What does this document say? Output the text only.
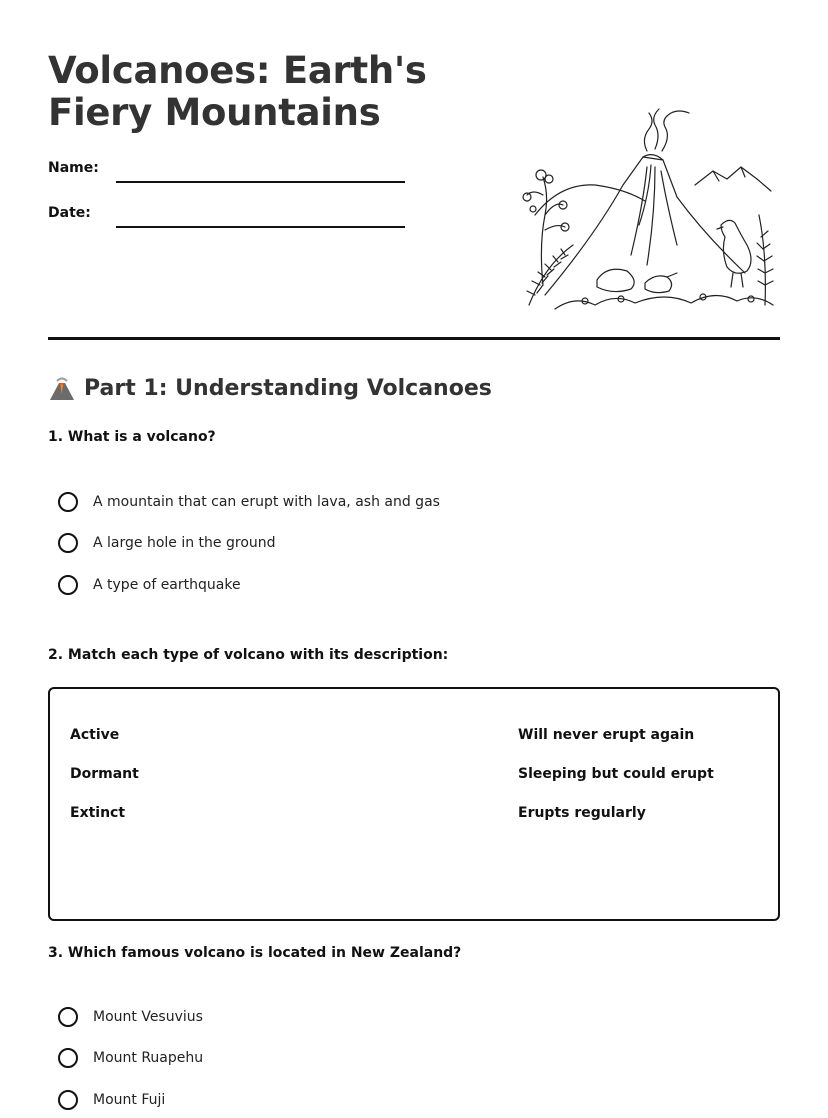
Volcanoes: Earth's Fiery Mountains
Name:
Date:
Part 1: Understanding Volcanoes
1. What is a volcano?
A mountain that can erupt with lava, ash and gas
A large hole in the ground
A type of earthquake
2. Match each type of volcano with its description:
Active
Dormant
Extinct
Will never erupt again
Sleeping but could erupt
Erupts regularly
3. Which famous volcano is located in New Zealand?
Mount Vesuvius
Mount Ruapehu
Mount Fuji
